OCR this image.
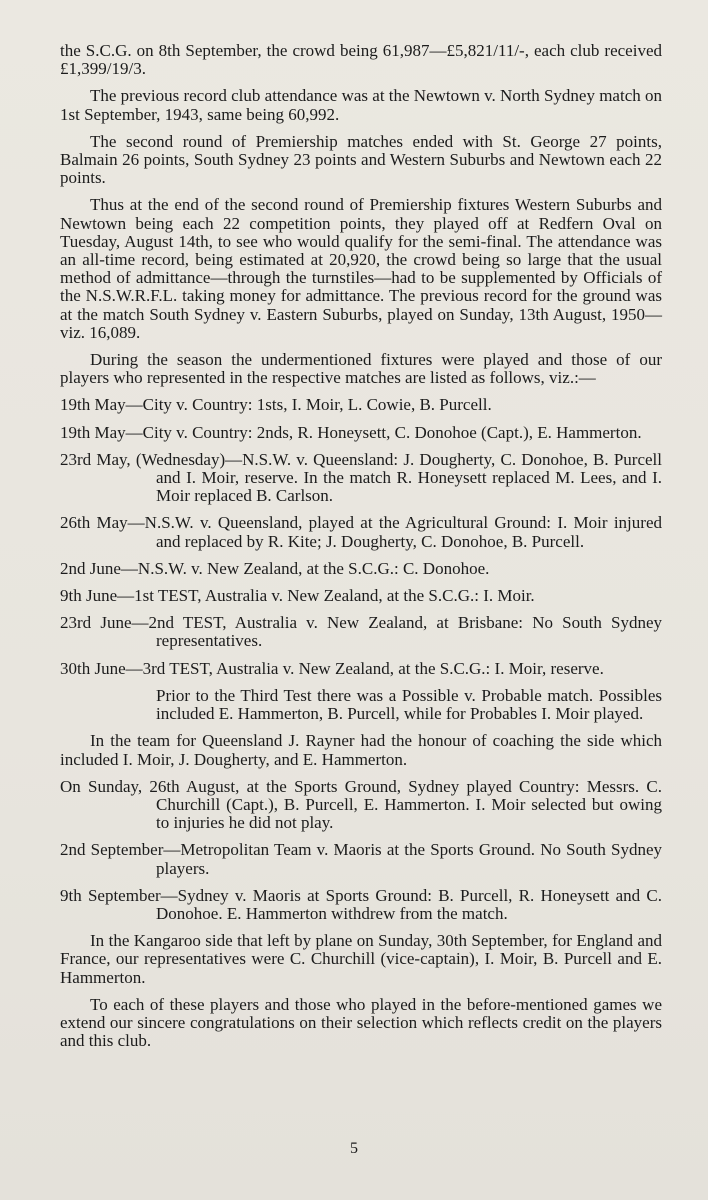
the S.C.G. on 8th September, the crowd being 61,987—£5,821/11/-, each club received £1,399/19/3.

The previous record club attendance was at the Newtown v. North Sydney match on 1st September, 1943, same being 60,992.

The second round of Premiership matches ended with St. George 27 points, Balmain 26 points, South Sydney 23 points and Western Suburbs and Newtown each 22 points.

Thus at the end of the second round of Premiership fixtures Western Suburbs and Newtown being each 22 competition points, they played off at Redfern Oval on Tuesday, August 14th, to see who would qualify for the semi-final. The attendance was an all-time record, being estimated at 20,920, the crowd being so large that the usual method of admittance—through the turnstiles—had to be supplemented by Officials of the N.S.W.R.F.L. taking money for admittance. The previous record for the ground was at the match South Sydney v. Eastern Suburbs, played on Sunday, 13th August, 1950—viz. 16,089.

During the season the undermentioned fixtures were played and those of our players who represented in the respective matches are listed as follows, viz.:—

19th May—City v. Country: 1sts, I. Moir, L. Cowie, B. Purcell.

19th May—City v. Country: 2nds, R. Honeysett, C. Donohoe (Capt.), E. Hammerton.

23rd May, (Wednesday)—N.S.W. v. Queensland: J. Dougherty, C. Donohoe, B. Purcell and I. Moir, reserve. In the match R. Honeysett replaced M. Lees, and I. Moir replaced B. Carlson.

26th May—N.S.W. v. Queensland, played at the Agricultural Ground: I. Moir injured and replaced by R. Kite; J. Dougherty, C. Donohoe, B. Purcell.

2nd June—N.S.W. v. New Zealand, at the S.C.G.: C. Donohoe.

9th June—1st TEST, Australia v. New Zealand, at the S.C.G.: I. Moir.

23rd June—2nd TEST, Australia v. New Zealand, at Brisbane: No South Sydney representatives.

30th June—3rd TEST, Australia v. New Zealand, at the S.C.G.: I. Moir, reserve.

Prior to the Third Test there was a Possible v. Probable match. Possibles included E. Hammerton, B. Purcell, while for Probables I. Moir played.

In the team for Queensland J. Rayner had the honour of coaching the side which included I. Moir, J. Dougherty, and E. Hammerton.

On Sunday, 26th August, at the Sports Ground, Sydney played Country: Messrs. C. Churchill (Capt.), B. Purcell, E. Hammerton. I. Moir selected but owing to injuries he did not play.

2nd September—Metropolitan Team v. Maoris at the Sports Ground. No South Sydney players.

9th September—Sydney v. Maoris at Sports Ground: B. Purcell, R. Honeysett and C. Donohoe. E. Hammerton withdrew from the match.

In the Kangaroo side that left by plane on Sunday, 30th September, for England and France, our representatives were C. Churchill (vice-captain), I. Moir, B. Purcell and E. Hammerton.

To each of these players and those who played in the before-mentioned games we extend our sincere congratulations on their selection which reflects credit on the players and this club.

5
